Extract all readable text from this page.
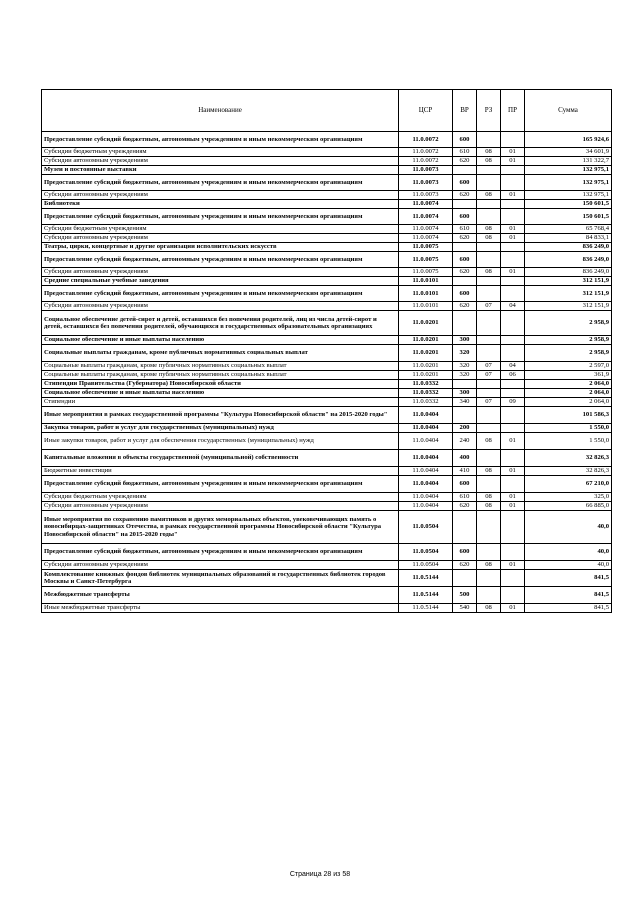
Наименование	ЦСР	ВР	РЗ	ПР	Сумма
Предоставление субсидий бюджетным, автономным учреждениям и иным некоммерческим организациям	11.0.0072	600			165 924,6
Субсидии бюджетным учреждениям	11.0.0072	610	08	01	34 601,9
Субсидии автономным учреждениям	11.0.0072	620	08	01	131 322,7
Музеи и постоянные выставки	11.0.0073				132 975,1
Предоставление субсидий бюджетным, автономным учреждениям и иным некоммерческим организациям	11.0.0073	600			132 975,1
Субсидии автономным учреждениям	11.0.0073	620	08	01	132 975,1
Библиотеки	11.0.0074				150 601,5
Предоставление субсидий бюджетным, автономным учреждениям и иным некоммерческим организациям	11.0.0074	600			150 601,5
Субсидии бюджетным учреждениям	11.0.0074	610	08	01	65 768,4
Субсидии автономным учреждениям	11.0.0074	620	08	01	84 833,1
Театры, цирки, концертные и другие организации исполнительских искусств	11.0.0075				836 249,0
Предоставление субсидий бюджетным, автономным учреждениям и иным некоммерческим организациям	11.0.0075	600			836 249,0
Субсидии автономным учреждениям	11.0.0075	620	08	01	836 249,0
Средние специальные учебные заведения	11.0.0101				312 151,9
Предоставление субсидий бюджетным, автономным учреждениям и иным некоммерческим организациям	11.0.0101	600			312 151,9
Субсидии автономным учреждениям	11.0.0101	620	07	04	312 151,9
Социальное обеспечение детей-сирот и детей, оставшихся без попечения родителей, лиц из числа детей-сирот и детей, оставшихся без попечения родителей, обучающихся в государственных образовательных организациях	11.0.0201				2 958,9
Социальное обеспечение и иные выплаты населению	11.0.0201	300			2 958,9
Социальные выплаты гражданам, кроме публичных нормативных социальных выплат	11.0.0201	320			2 958,9
Социальные выплаты гражданам, кроме публичных нормативных социальных выплат	11.0.0201	320	07	04	2 597,0
Социальные выплаты гражданам, кроме публичных нормативных социальных выплат	11.0.0201	320	07	06	361,9
Стипендии Правительства (Губернатора) Новосибирской области	11.0.0332				2 064,0
Социальное обеспечение и иные выплаты населению	11.0.0332	300			2 064,0
Стипендии	11.0.0332	340	07	09	2 064,0
Иные мероприятия в рамках государственной программы "Культура Новосибирской области" на 2015-2020 годы"	11.0.0404				101 586,3
Закупка товаров, работ и услуг для государственных (муниципальных) нужд	11.0.0404	200			1 550,0
Иные закупки товаров, работ и услуг для обеспечения государственных (муниципальных) нужд	11.0.0404	240	08	01	1 550,0
Капитальные вложения в объекты государственной (муниципальной) собственности	11.0.0404	400			32 826,3
Бюджетные инвестиции	11.0.0404	410	08	01	32 826,3
Предоставление субсидий бюджетным, автономным учреждениям и иным некоммерческим организациям	11.0.0404	600			67 210,0
Субсидии бюджетным учреждениям	11.0.0404	610	08	01	325,0
Субсидии автономным учреждениям	11.0.0404	620	08	01	66 885,0
Иные мероприятия по сохранению памятников и других мемориальных объектов, увековечивающих память о новосибирцах-защитниках Отечества, в рамках государственной программы Новосибирской области "Культура Новосибирской области" на 2015-2020 годы"	11.0.0504				40,0
Предоставление субсидий бюджетным, автономным учреждениям и иным некоммерческим организациям	11.0.0504	600			40,0
Субсидии автономным учреждениям	11.0.0504	620	08	01	40,0
Комплектование книжных фондов библиотек муниципальных образований и государственных библиотек городов Москвы и Санкт-Петербурга	11.0.5144				841,5
Межбюджетные трансферты	11.0.5144	500			841,5
Иные межбюджетные трансферты	11.0.5144	540	08	01	841,5
Страница 28 из 58
